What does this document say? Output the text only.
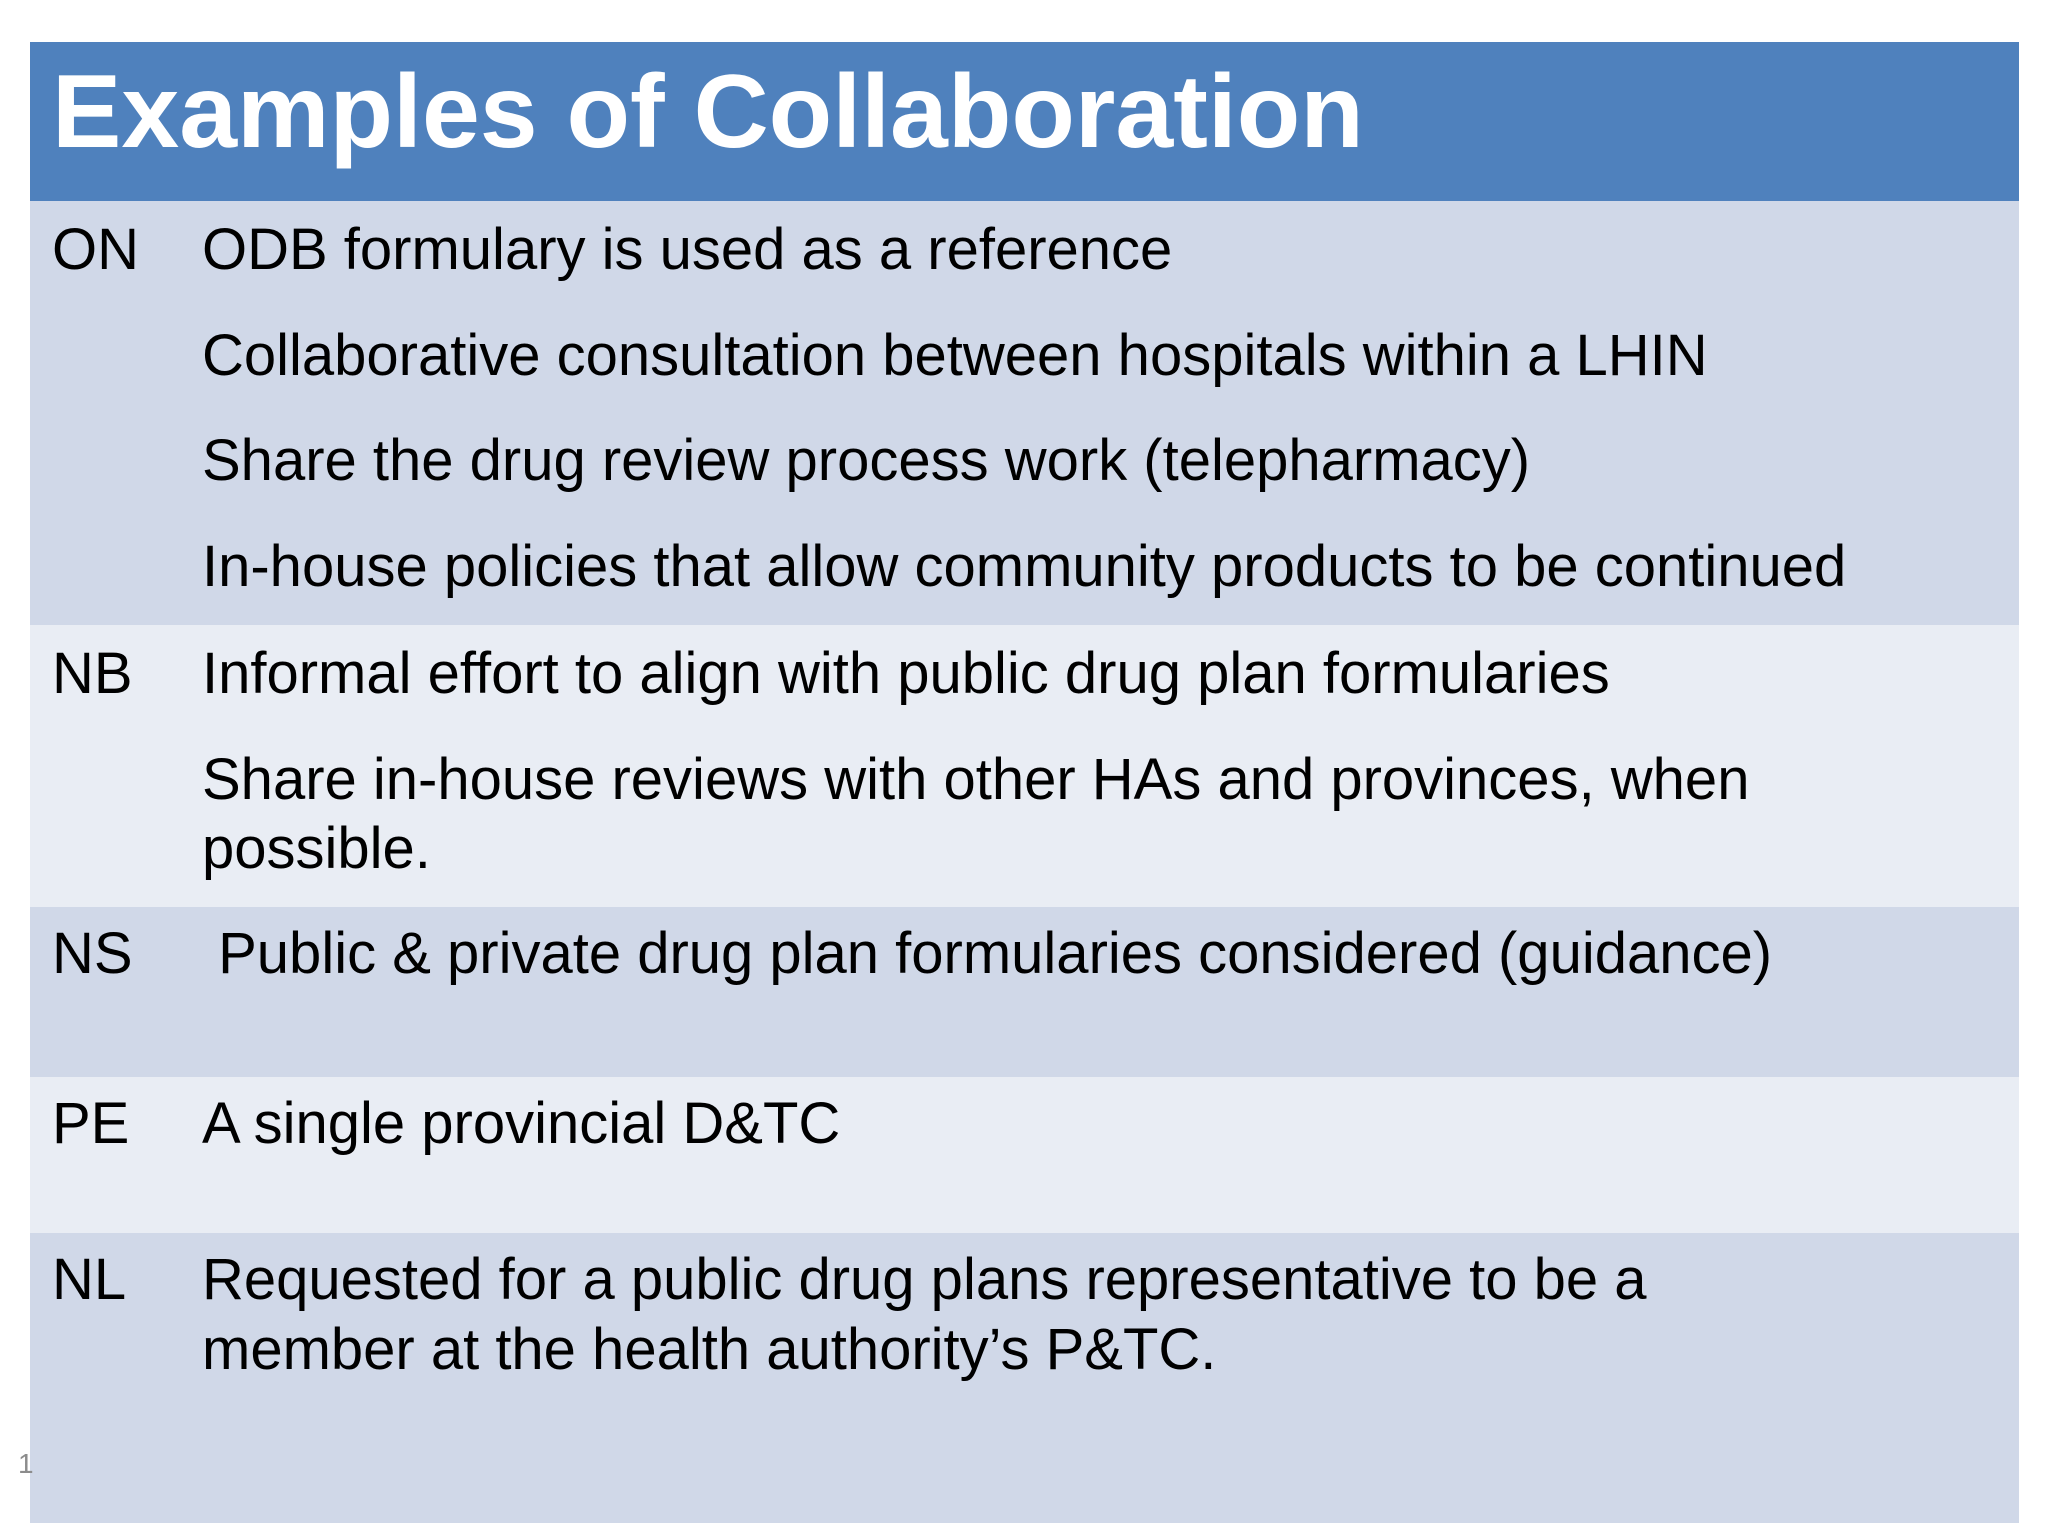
Examples of Collaboration
ON ODB formulary is used as a reference
Collaborative consultation between hospitals within a LHIN
Share the drug review process work (telepharmacy)
In-house policies that allow community products to be continued
NB Informal effort to align with public drug plan formularies
Share in-house reviews with other HAs and provinces, when possible.
NS Public & private drug plan formularies considered (guidance)
PE A single provincial D&TC
NL Requested for a public drug plans representative to be a member at the health authority’s P&TC.
1
